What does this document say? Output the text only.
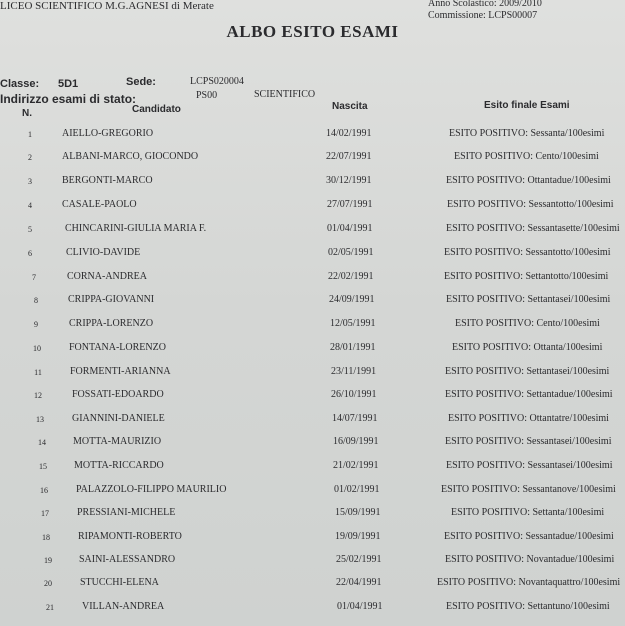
LICEO SCIENTIFICO M.G.AGNESI di Merate	Anno Scolastico: 2009/2010
Commissione: LCPS00007
ALBO ESITO ESAMI
Classe: 5D1	Sede:	LCPS020004
Indirizzo esami di stato:	PS00	SCIENTIFICO
N.	Candidato	Nascita	Esito finale Esami
1	AIELLO-GREGORIO	14/02/1991	ESITO POSITIVO: Sessanta/100esimi
2	ALBANI-MARCO, GIOCONDO	22/07/1991	ESITO POSITIVO: Cento/100esimi
3	BERGONTI-MARCO	30/12/1991	ESITO POSITIVO: Ottantadue/100esimi
4	CASALE-PAOLO	27/07/1991	ESITO POSITIVO: Sessantotto/100esimi
5	CHINCARINI-GIULIA MARIA F.	01/04/1991	ESITO POSITIVO: Sessantasette/100esimi
6	CLIVIO-DAVIDE	02/05/1991	ESITO POSITIVO: Sessantotto/100esimi
7	CORNA-ANDREA	22/02/1991	ESITO POSITIVO: Settantotto/100esimi
8	CRIPPA-GIOVANNI	24/09/1991	ESITO POSITIVO: Settantasei/100esimi
9	CRIPPA-LORENZO	12/05/1991	ESITO POSITIVO: Cento/100esimi
10	FONTANA-LORENZO	28/01/1991	ESITO POSITIVO: Ottanta/100esimi
11	FORMENTI-ARIANNA	23/11/1991	ESITO POSITIVO: Settantasei/100esimi
12	FOSSATI-EDOARDO	26/10/1991	ESITO POSITIVO: Settantadue/100esimi
13	GIANNINI-DANIELE	14/07/1991	ESITO POSITIVO: Ottantatre/100esimi
14	MOTTA-MAURIZIO	16/09/1991	ESITO POSITIVO: Sessantasei/100esimi
15	MOTTA-RICCARDO	21/02/1991	ESITO POSITIVO: Sessantasei/100esimi
16	PALAZZOLO-FILIPPO MAURILIO	01/02/1991	ESITO POSITIVO: Sessantanove/100esimi
17	PRESSIANI-MICHELE	15/09/1991	ESITO POSITIVO: Settanta/100esimi
18	RIPAMONTI-ROBERTO	19/09/1991	ESITO POSITIVO: Sessantadue/100esimi
19	SAINI-ALESSANDRO	25/02/1991	ESITO POSITIVO: Novantadue/100esimi
20	STUCCHI-ELENA	22/04/1991	ESITO POSITIVO: Novantaquattro/100esimi
21	VILLAN-ANDREA	01/04/1991	ESITO POSITIVO: Settantuno/100esimi
